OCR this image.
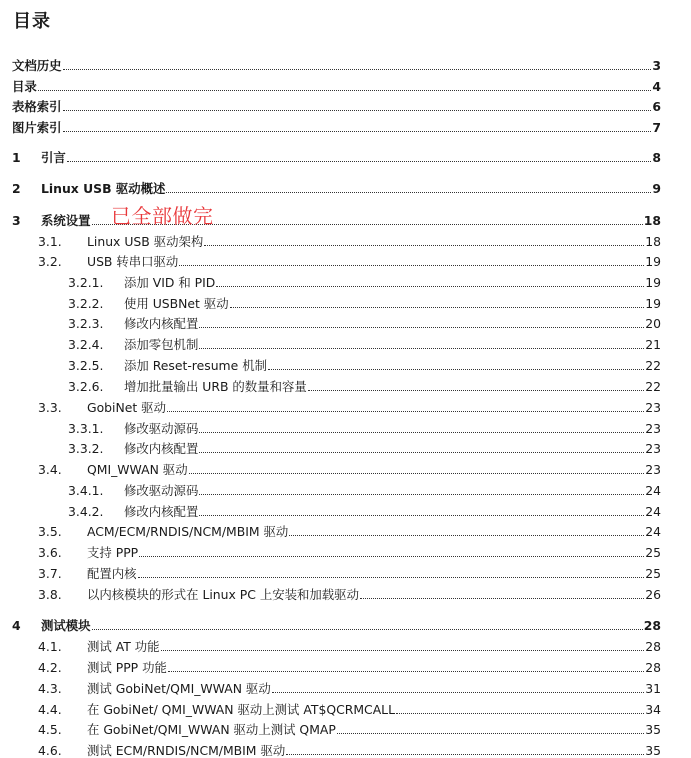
目录
文档历史	3
目录	4
表格索引	6
图片索引	7
1 引言	8
2 Linux USB 驱动概述	9
3 系统设置	18
3.1. Linux USB 驱动架构	18
3.2. USB 转串口驱动	19
3.2.1. 添加 VID 和 PID	19
3.2.2. 使用 USBNet 驱动	19
3.2.3. 修改内核配置	20
3.2.4. 添加零包机制	21
3.2.5. 添加 Reset-resume 机制	22
3.2.6. 增加批量输出 URB 的数量和容量	22
3.3. GobiNet 驱动	23
3.3.1. 修改驱动源码	23
3.3.2. 修改内核配置	23
3.4. QMI_WWAN 驱动	23
3.4.1. 修改驱动源码	24
3.4.2. 修改内核配置	24
3.5. ACM/ECM/RNDIS/NCM/MBIM 驱动	24
3.6. 支持 PPP	25
3.7. 配置内核	25
3.8. 以内核模块的形式在 Linux PC 上安装和加载驱动	26
4 测试模块	28
4.1. 测试 AT 功能	28
4.2. 测试 PPP 功能	28
4.3. 测试 GobiNet/QMI_WWAN 驱动	31
4.4. 在 GobiNet/ QMI_WWAN 驱动上测试 AT$QCRMCALL	34
4.5. 在 GobiNet/QMI_WWAN 驱动上测试 QMAP	35
4.6. 测试 ECM/RNDIS/NCM/MBIM 驱动	35
已全部做完
